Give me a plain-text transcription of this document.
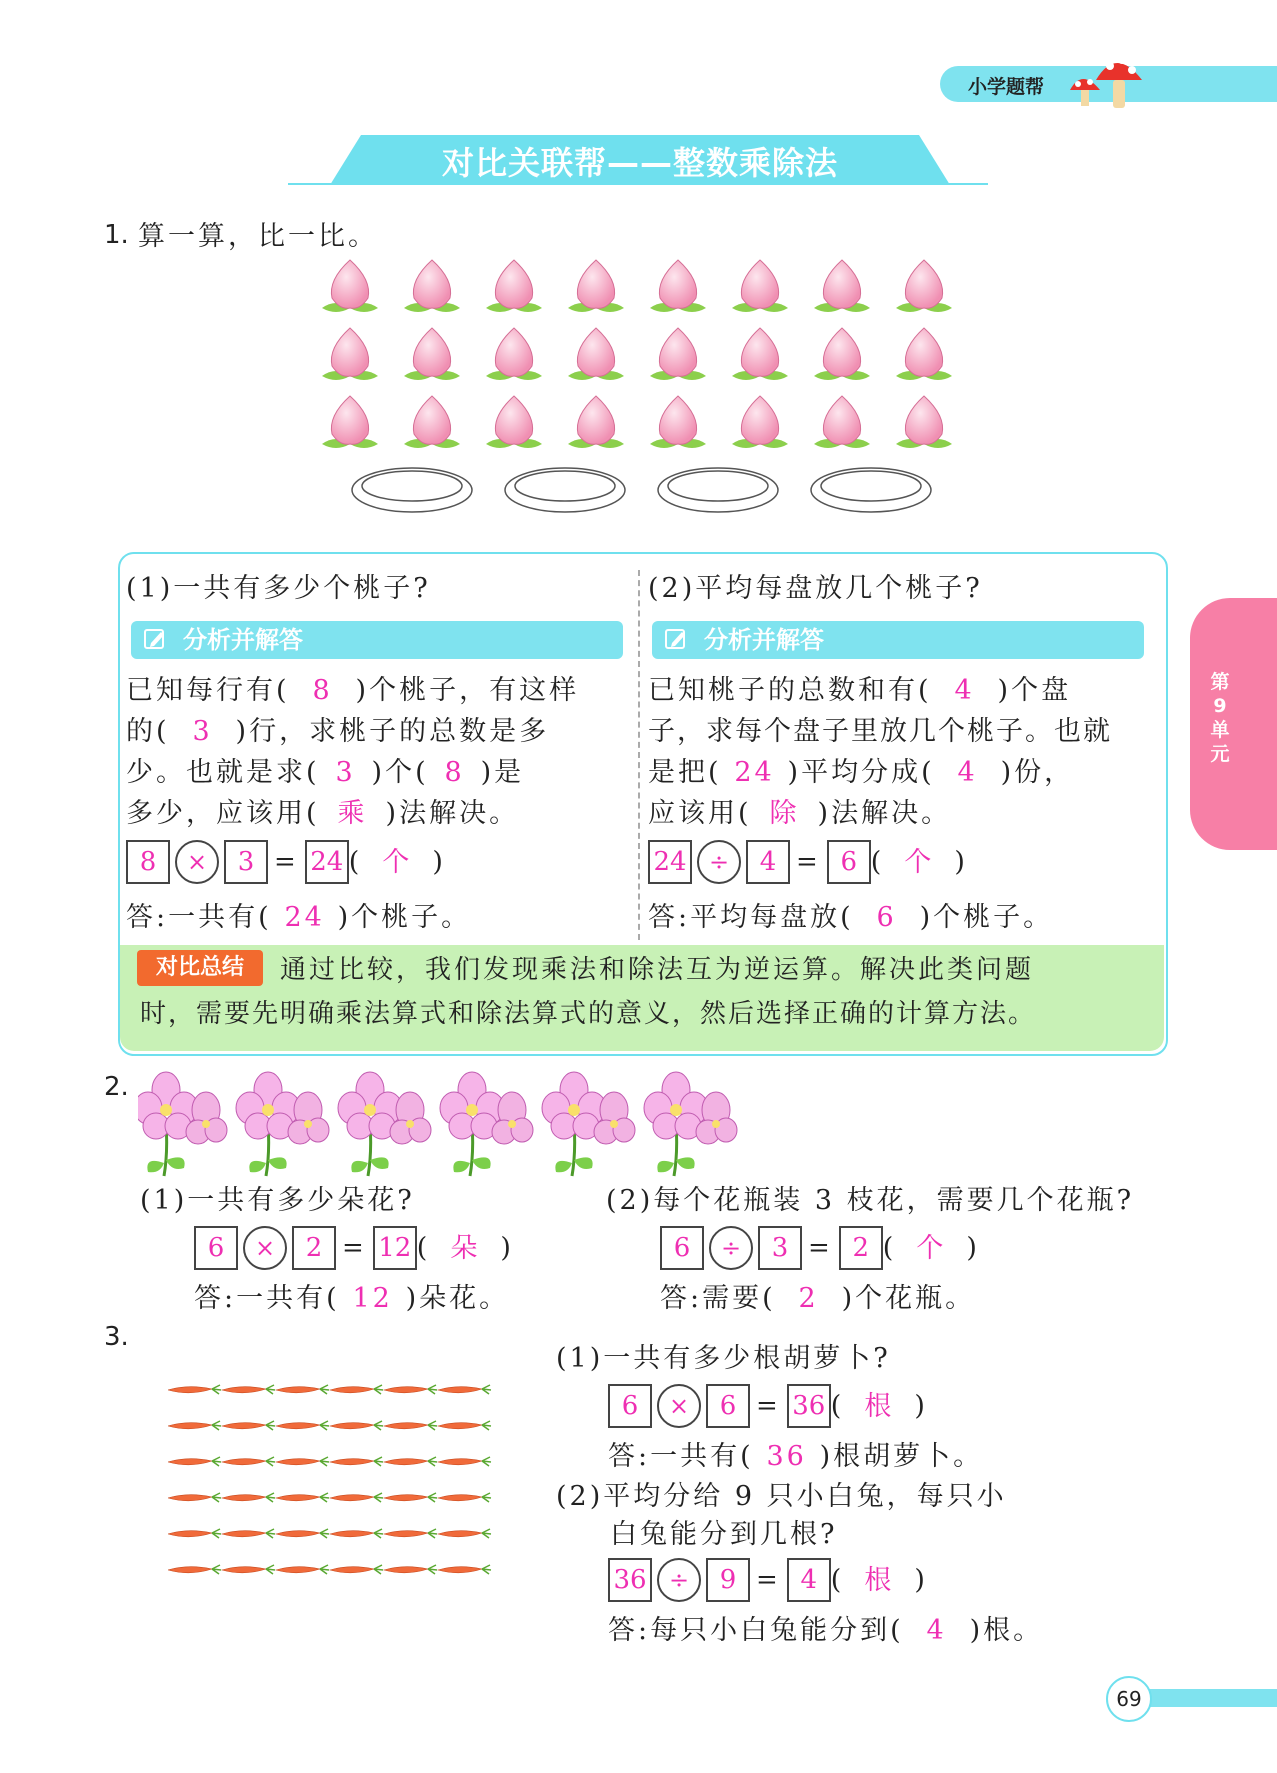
小学题帮
对比关联帮——整数乘除法
第9单元
1. 算一算，比一比。
(1)一共有多少个桃子?
分析并解答
已知每行有( 8 )个桃子，有这样
的( 3 )行，求桃子的总数是多
少。也就是求( 3 )个( 8 )是
多少，应该用( 乘 )法解决。
8 × 3 = 24 ( 个 )
答:一共有( 24 )个桃子。
(2)平均每盘放几个桃子?
分析并解答
已知桃子的总数和有( 4 )个盘
子，求每个盘子里放几个桃子。也就
是把( 24 )平均分成( 4 )份，
应该用( 除 )法解决。
24 ÷ 4 = 6 ( 个 )
答:平均每盘放( 6 )个桃子。
对比总结	通过比较，我们发现乘法和除法互为逆运算。解决此类问题
时，需要先明确乘法算式和除法算式的意义，然后选择正确的计算方法。
2.
(1)一共有多少朵花?
6 × 2 = 12 ( 朵 )
答:一共有( 12 )朵花。
(2)每个花瓶装 3 枝花，需要几个花瓶?
6 ÷ 3 = 2 ( 个 )
答:需要( 2 )个花瓶。
3.
(1)一共有多少根胡萝卜?
6 × 6 = 36 ( 根 )
答:一共有( 36 )根胡萝卜。
(2)平均分给 9 只小白兔，每只小
白兔能分到几根?
36 ÷ 9 = 4 ( 根 )
答:每只小白兔能分到( 4 )根。
69
